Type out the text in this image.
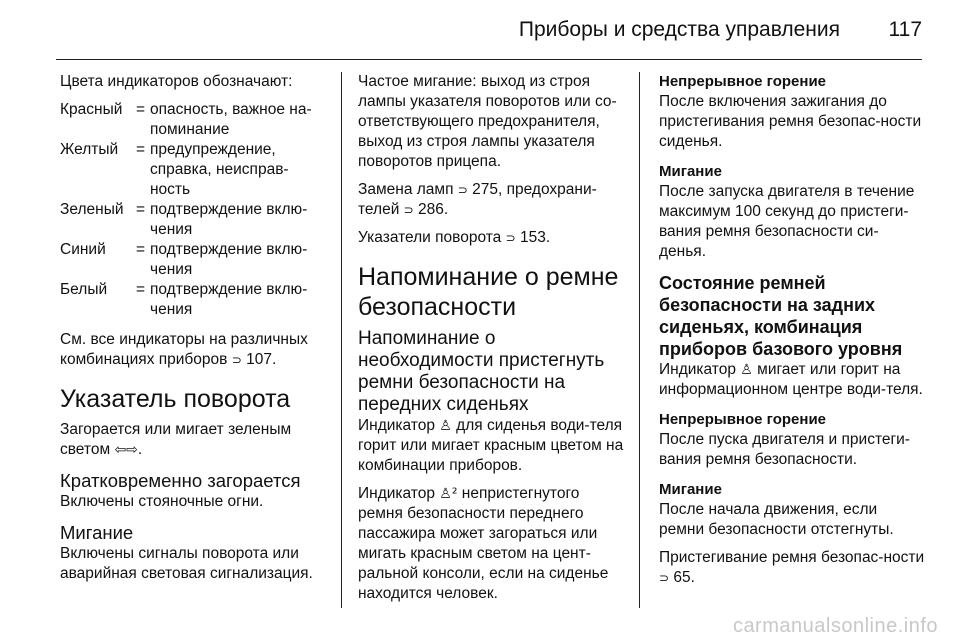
Приборы и средства управления 117

Цвета индикаторов обозначают:

Красный = опасность, важное на-поминание
Желтый	= предупреждение, справка, неисправ-ность
Зеленый = подтверждение вклю-чения
Синий	= подтверждение вклю-чения
Белый	= подтверждение вклю-чения

См. все индикаторы на различных комбинациях приборов ⊃ 107.

Указатель поворота

Загорается или мигает зеленым светом ⇦⇨.

Кратковременно загорается

Включены стояночные огни.

Мигание

Включены сигналы поворота или аварийная световая сигнализация.

Частое мигание: выход из строя лампы указателя поворотов или со-ответствующего предохранителя, выход из строя лампы указателя поворотов прицепа.

Замена ламп ⊃ 275, предохрани-телей ⊃ 286.

Указатели поворота ⊃ 153.

Напоминание о ремне безопасности
Напоминание о необходимости пристегнуть ремни безопасности на передних сиденьях

Индикатор ♙ для сиденья води-теля горит или мигает красным цветом на комбинации приборов.

Индикатор ♙² непристегнутого ремня безопасности переднего пассажира может загораться или мигать красным светом на цент-ральной консоли, если на сиденье находится человек.

Непрерывное горение

После включения зажигания до пристегивания ремня безопас-ности сиденья.

Мигание

После запуска двигателя в течение максимум 100 секунд до пристеги-вания ремня безопасности си-денья.

Состояние ремней безопасности на задних сиденьях, комбинация приборов базового уровня

Индикатор ♙ мигает или горит на информационном центре води-теля.

Непрерывное горение

После пуска двигателя и пристеги-вания ремня безопасности.

Мигание

После начала движения, если ремни безопасности отстегнуты.

Пристегивание ремня безопас-ности ⊃ 65.

carmanualsonline.info
